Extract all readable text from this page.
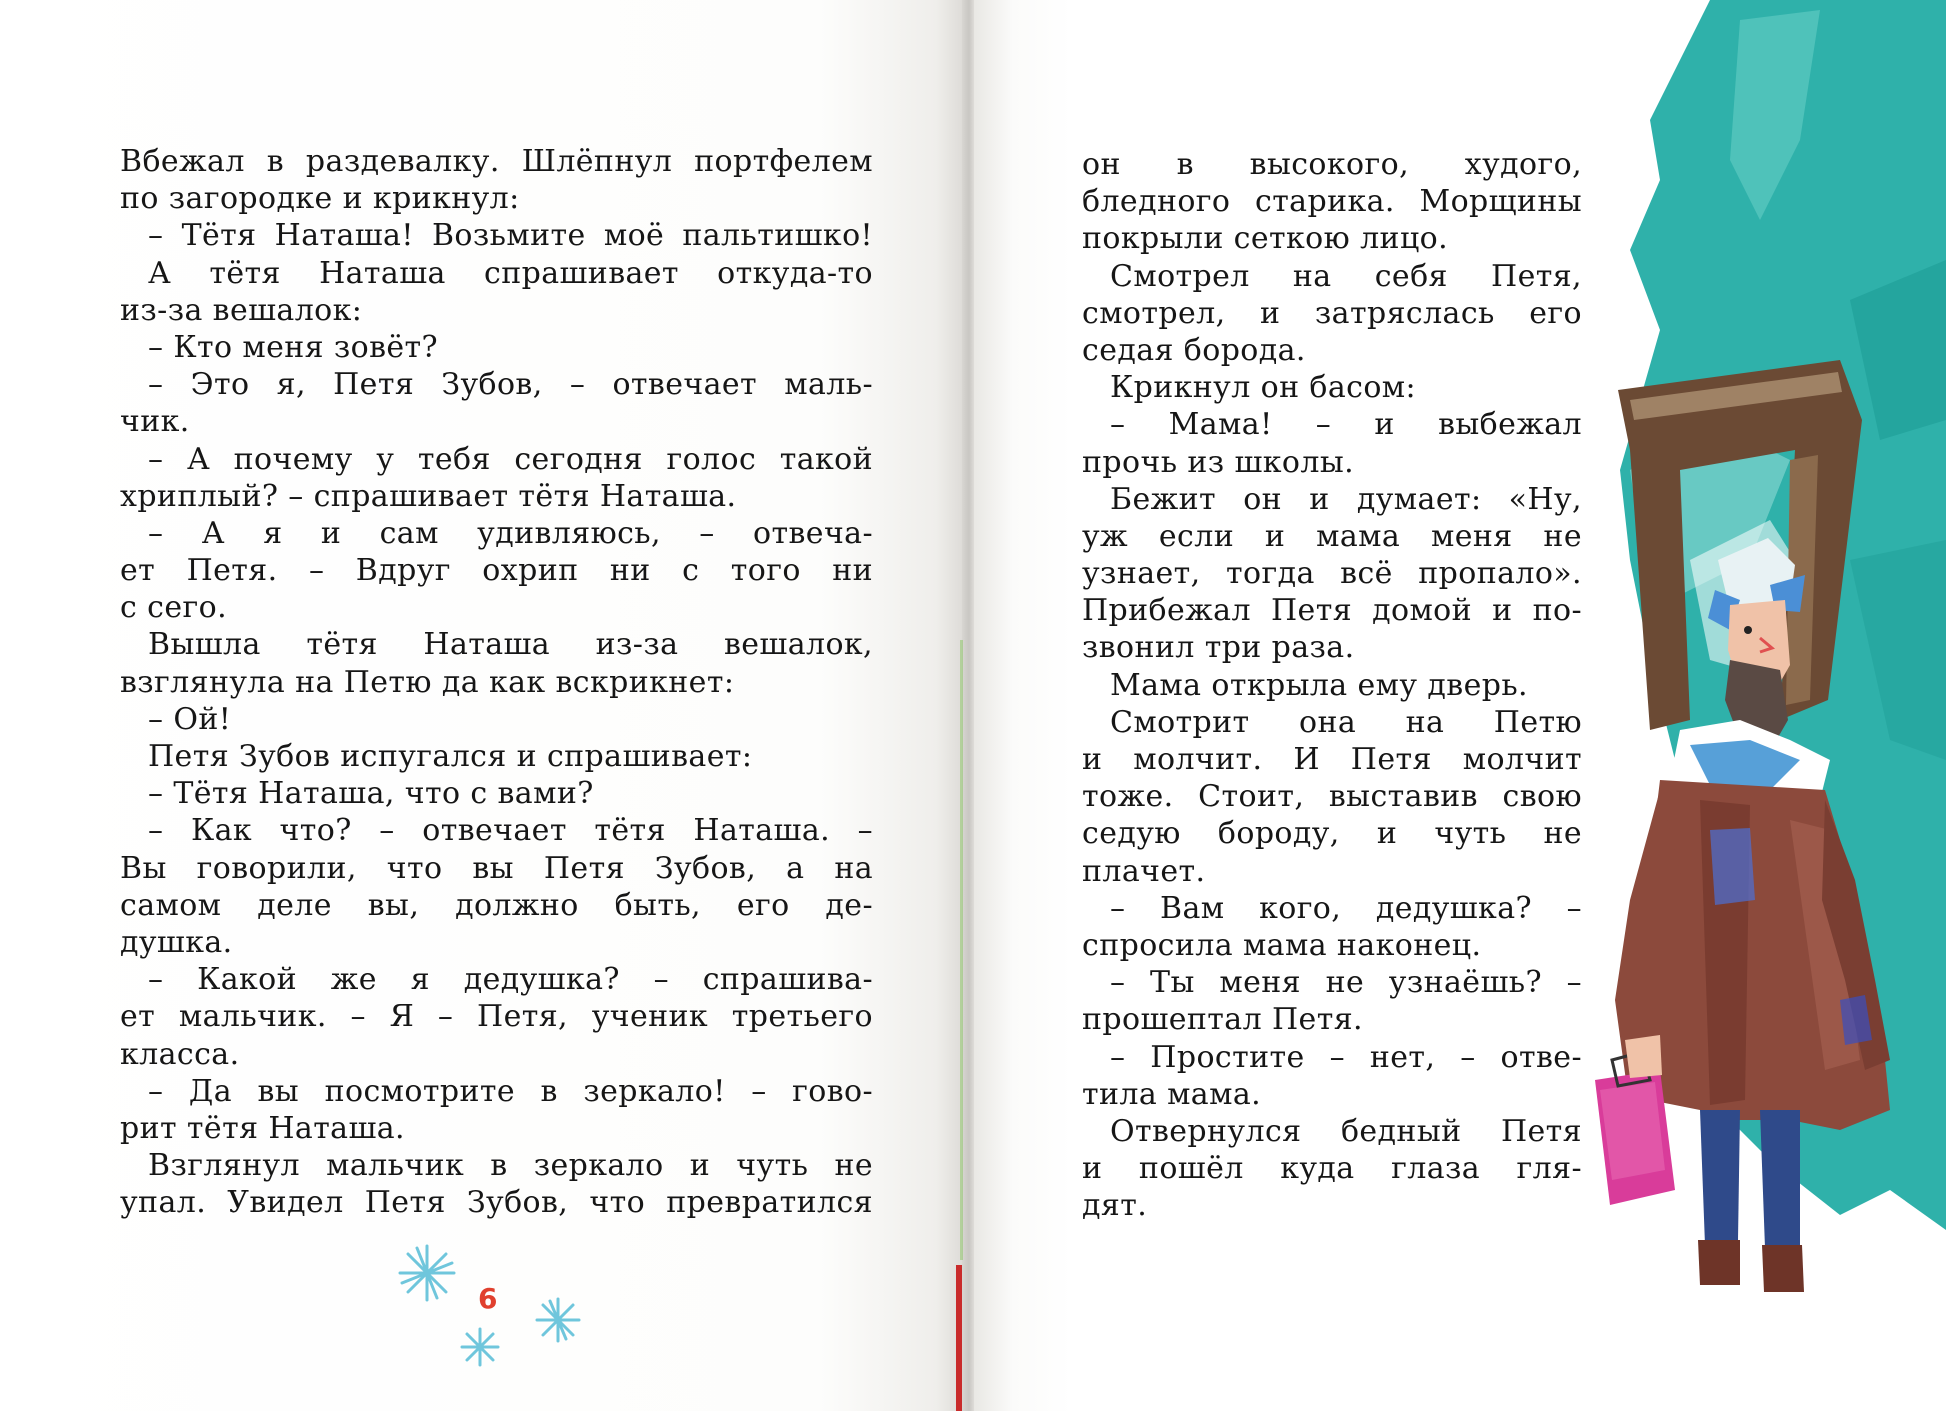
Вбежал в раздевалку. Шлёпнул портфелем
по загородке и крикнул:
– Тётя Наташа! Возьмите моё пальтишко!
А тётя Наташа спрашивает откуда-то
из-за вешалок:
– Кто меня зовёт?
– Это я, Петя Зубов, – отвечает маль-
чик.
– А почему у тебя сегодня голос такой
хриплый? – спрашивает тётя Наташа.
– А я и сам удивляюсь, – отвеча-
ет Петя. – Вдруг охрип ни с того ни
с сего.
Вышла тётя Наташа из-за вешалок,
взглянула на Петю да как вскрикнет:
– Ой!
Петя Зубов испугался и спрашивает:
– Тётя Наташа, что с вами?
– Как что? – отвечает тётя Наташа. –
Вы говорили, что вы Петя Зубов, а на
самом деле вы, должно быть, его де-
душка.
– Какой же я дедушка? – спрашива-
ет мальчик. – Я – Петя, ученик третьего
класса.
– Да вы посмотрите в зеркало! – гово-
рит тётя Наташа.
Взглянул мальчик в зеркало и чуть не
упал. Увидел Петя Зубов, что превратился
6
он в высокого, худого,
бледного старика. Морщины
покрыли сеткою лицо.
Смотрел на себя Петя,
смотрел, и затряслась его
седая борода.
Крикнул он басом:
– Мама! – и выбежал
прочь из школы.
Бежит он и думает: «Ну,
уж если и мама меня не
узнает, тогда всё пропало».
Прибежал Петя домой и по-
звонил три раза.
Мама открыла ему дверь.
Смотрит она на Петю
и молчит. И Петя молчит
тоже. Стоит, выставив свою
седую бороду, и чуть не
плачет.
– Вам кого, дедушка? –
спросила мама наконец.
– Ты меня не узнаёшь? –
прошептал Петя.
– Простите – нет, – отве-
тила мама.
Отвернулся бедный Петя
и пошёл куда глаза гля-
дят.
